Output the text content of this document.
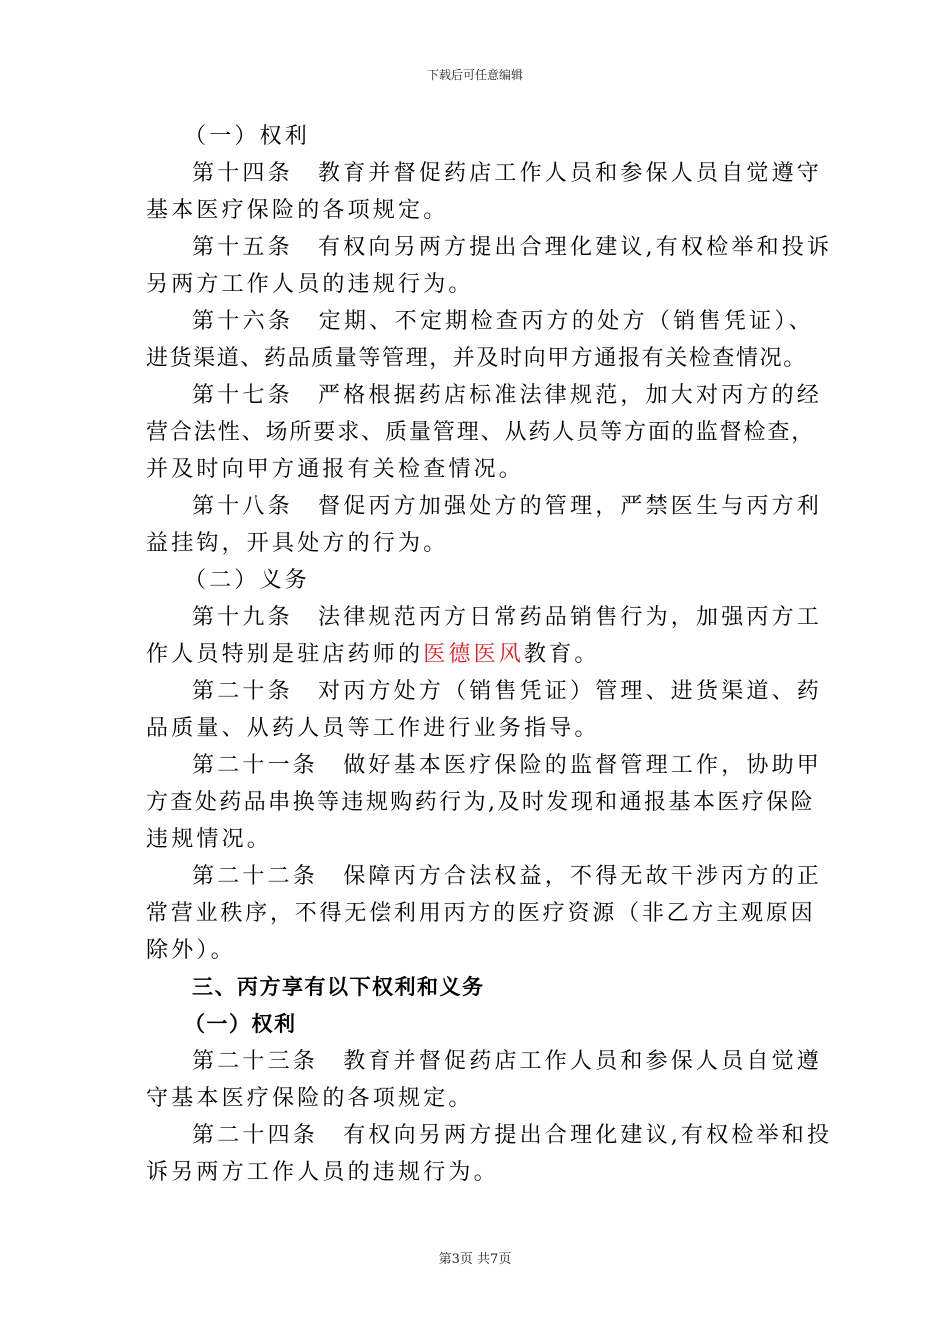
下载后可任意编辑
（一）权利
第十四条　教育并督促药店工作人员和参保人员自觉遵守
基本医疗保险的各项规定。
第十五条　有权向另两方提出合理化建议,有权检举和投诉
另两方工作人员的违规行为。
第十六条　定期、不定期检查丙方的处方（销售凭证）、
进货渠道、药品质量等管理，并及时向甲方通报有关检查情况。
第十七条　严格根据药店标准法律规范，加大对丙方的经
营合法性、场所要求、质量管理、从药人员等方面的监督检查，
并及时向甲方通报有关检查情况。
第十八条　督促丙方加强处方的管理，严禁医生与丙方利
益挂钩，开具处方的行为。
（二）义务
第十九条　法律规范丙方日常药品销售行为，加强丙方工
作人员特别是驻店药师的医德医风教育。
第二十条　对丙方处方（销售凭证）管理、进货渠道、药
品质量、从药人员等工作进行业务指导。
第二十一条　做好基本医疗保险的监督管理工作，协助甲
方查处药品串换等违规购药行为,及时发现和通报基本医疗保险
违规情况。
第二十二条　保障丙方合法权益，不得无故干涉丙方的正
常营业秩序，不得无偿利用丙方的医疗资源（非乙方主观原因
除外）。
三、丙方享有以下权利和义务
（一）权利
第二十三条　教育并督促药店工作人员和参保人员自觉遵
守基本医疗保险的各项规定。
第二十四条　有权向另两方提出合理化建议,有权检举和投
诉另两方工作人员的违规行为。
第3页 共7页
